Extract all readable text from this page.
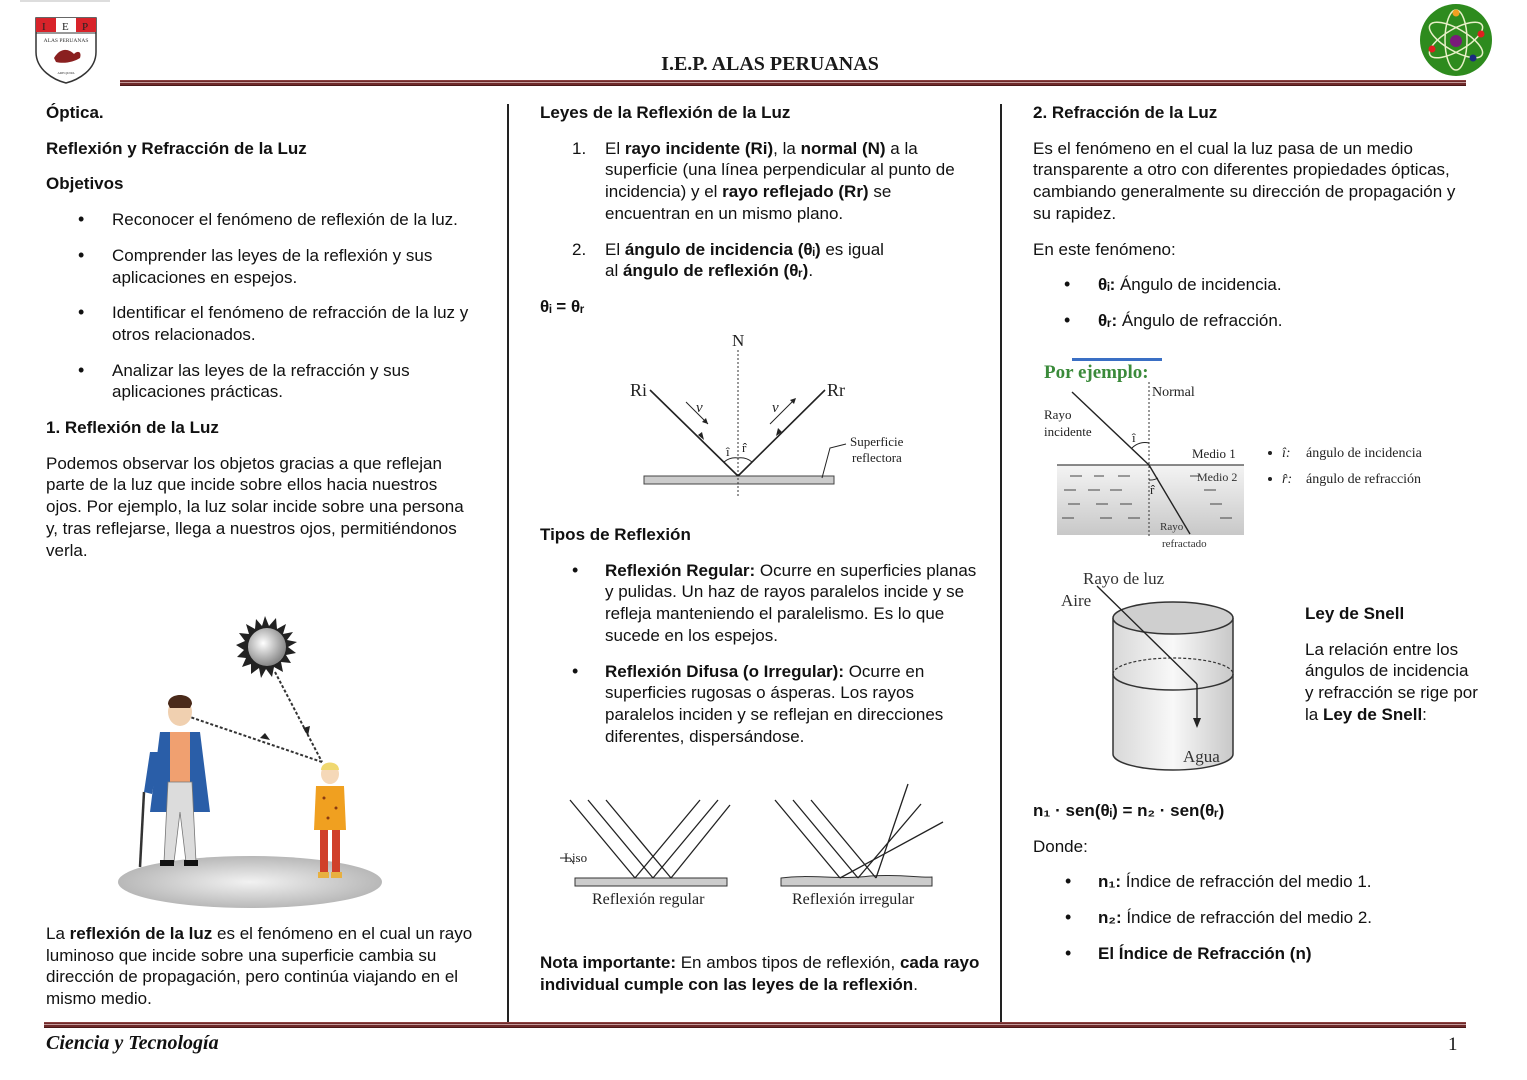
I E P
ALAS PERUANAS
AREQUIPA	I.E.P. ALAS PERUANAS
Óptica.
Reflexión y Refracción de la Luz
Objetivos
• Reconocer el fenómeno de reflexión de la luz.
• Comprender las leyes de la reflexión y sus aplicaciones en espejos.
• Identificar el fenómeno de refracción de la luz y otros relacionados.
• Analizar las leyes de la refracción y sus aplicaciones prácticas.
1. Reflexión de la Luz
Podemos observar los objetos gracias a que reflejan parte de la luz que incide sobre ellos hacia nuestros ojos. Por ejemplo, la luz solar incide sobre una persona y, tras reflejarse, llega a nuestros ojos, permitiéndonos verla.
La reflexión de la luz es el fenómeno en el cual un rayo luminoso que incide sobre una superficie cambia su dirección de propagación, pero continúa viajando en el mismo medio.
Leyes de la Reflexión de la Luz
1. El rayo incidente (Ri), la normal (N) a la superficie (una línea perpendicular al punto de incidencia) y el rayo reflejado (Rr) se encuentran en un mismo plano.
2. El ángulo de incidencia (θᵢ) es igual al ángulo de reflexión (θᵣ).
θᵢ = θᵣ
N
Ri	Rr
v	v
î r̂	Superficie
reflectora
Tipos de Reflexión
• Reflexión Regular: Ocurre en superficies planas y pulidas. Un haz de rayos paralelos incide y se refleja manteniendo el paralelismo. Es lo que sucede en los espejos.
• Reflexión Difusa (o Irregular): Ocurre en superficies rugosas o ásperas. Los rayos paralelos inciden y se reflejan en direcciones diferentes, dispersándose.
Liso
Reflexión regular	Reflexión irregular
Nota importante: En ambos tipos de reflexión, cada rayo individual cumple con las leyes de la reflexión.
2. Refracción de la Luz
Es el fenómeno en el cual la luz pasa de un medio transparente a otro con diferentes propiedades ópticas, cambiando generalmente su dirección de propagación y su rapidez.
En este fenómeno:
• θᵢ: Ángulo de incidencia.
• θᵣ: Ángulo de refracción.
Por ejemplo:
Normal
Rayo
incidente	î
r̂
Medio 1
Medio 2
Rayo
refractado
î: ángulo de incidencia
r̂: ángulo de refracción
Rayo de luz
Aire
Agua
Ley de Snell
La relación entre los ángulos de incidencia y refracción se rige por la Ley de Snell:
n₁ · sen(θᵢ) = n₂ · sen(θᵣ)
Donde:
• n₁: Índice de refracción del medio 1.
• n₂: Índice de refracción del medio 2.
• El Índice de Refracción (n)
Ciencia y Tecnología	1
